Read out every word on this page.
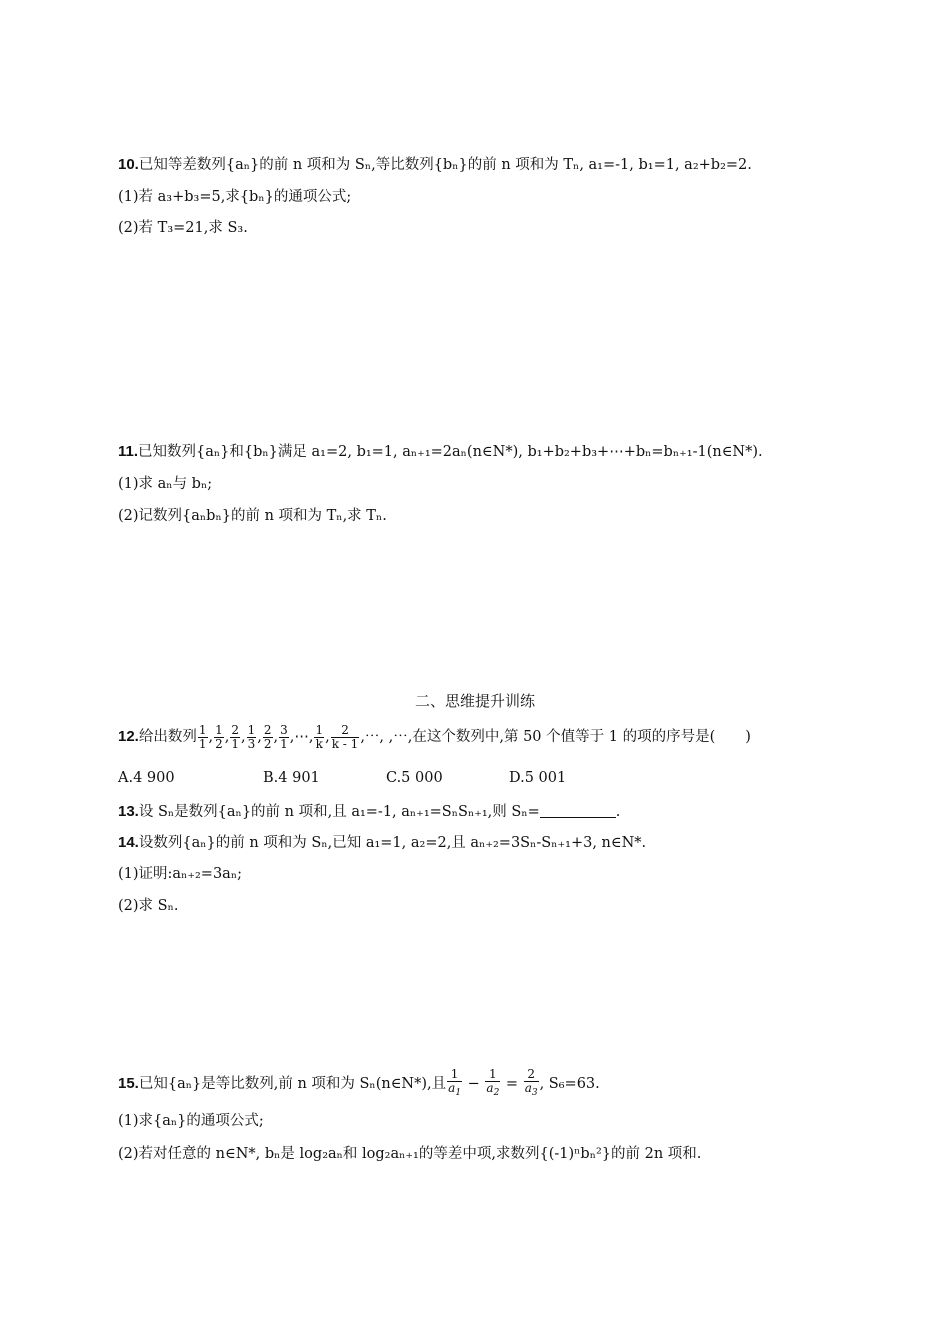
10.已知等差数列{aₙ}的前 n 项和为 Sₙ,等比数列{bₙ}的前 n 项和为 Tₙ, a₁=-1, b₁=1, a₂+b₂=2.
(1)若 a₃+b₃=5,求{bₙ}的通项公式;
(2)若 T₃=21,求 S₃.
11.已知数列{aₙ}和{bₙ}满足 a₁=2, b₁=1, aₙ₊₁=2aₙ(n∈N*), b₁+b₂+b₃+⋯+bₙ=bₙ₊₁-1(n∈N*).
(1)求 aₙ与 bₙ;
(2)记数列{aₙbₙ}的前 n 项和为 Tₙ,求 Tₙ.
二、思维提升训练
12.给出数列 $\frac{1}{1}$ , $\frac{1}{2}$ , $\frac{2}{1}$ , $\frac{1}{3}$ , $\frac{2}{2}$ , $\frac{3}{1}$ ,⋯, $\frac{1}{k}$ , $\frac{2}{k - 1}$ ,⋯, ,⋯,在这个数列中,第 50 个值等于 1 的项的序号是( )
A.4 900	B.4 901	C.5 000	D.5 001
13.设 Sₙ是数列{aₙ}的前 n 项和,且 a₁=-1, aₙ₊₁=SₙSₙ₊₁,则 Sₙ=	.
14.设数列{aₙ}的前 n 项和为 Sₙ,已知 a₁=1, a₂=2,且 aₙ₊₂=3Sₙ-Sₙ₊₁+3, n∈N*.
(1)证明:aₙ₊₂=3aₙ;
(2)求 Sₙ.
15.已知{aₙ}是等比数列,前 n 项和为 Sₙ(n∈N*),且 $\frac{1}{a_1} - \frac{1}{a_2} = \frac{2}{a_3}$ , S₆=63.
(1)求{aₙ}的通项公式;
(2)若对任意的 n∈N*, bₙ是 log₂aₙ和 log₂aₙ₊₁的等差中项,求数列{(-1)ⁿbₙ²}的前 2n 项和.
